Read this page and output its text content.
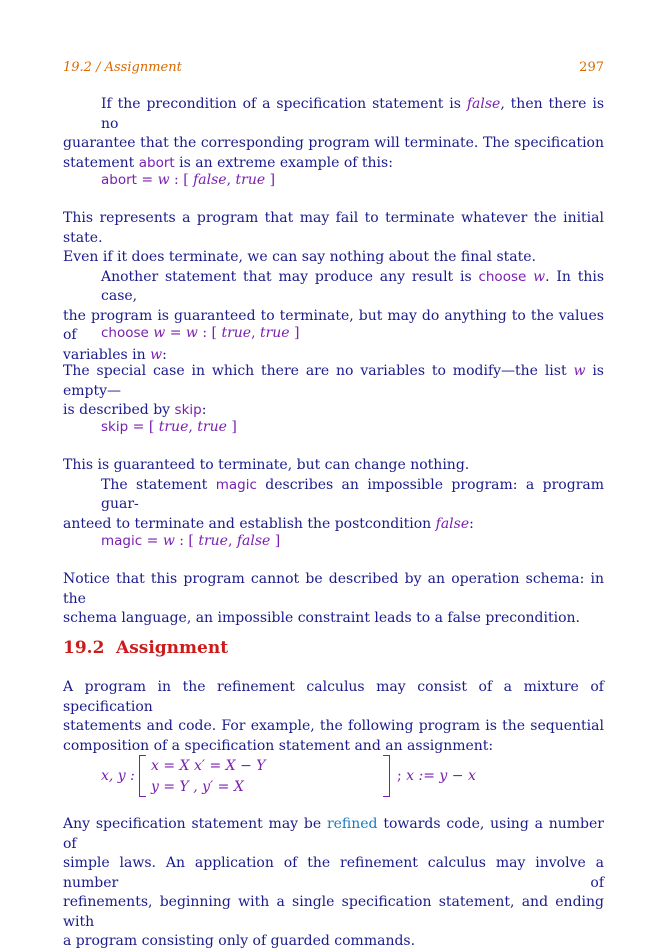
19.2 / Assignment	297
If the precondition of a specification statement is false, then there is no
guarantee that the corresponding program will terminate. The specification
statement abort is an extreme example of this:
abort = w : [ false, true ]
This represents a program that may fail to terminate whatever the initial state.
Even if it does terminate, we can say nothing about the final state.
Another statement that may produce any result is choose w. In this case,
the program is guaranteed to terminate, but may do anything to the values of
variables in w:
choose w = w : [ true, true ]
The special case in which there are no variables to modify—the list w is empty—
is described by skip:
skip = [ true, true ]
This is guaranteed to terminate, but can change nothing.
The statement magic describes an impossible program: a program guar-
anteed to terminate and establish the postcondition false:
magic = w : [ true, false ]
Notice that this program cannot be described by an operation schema: in the
schema language, an impossible constraint leads to a false precondition.
19.2 Assignment
A program in the refinement calculus may consist of a mixture of specification
statements and code. For example, the following program is the sequential
composition of a specification statement and an assignment:
x, y :
x = X x′ = X − Y
y = Y , y′ = X
; x := y − x
Any specification statement may be refined towards code, using a number of
simple laws. An application of the refinement calculus may involve a number of
refinements, beginning with a single specification statement, and ending with
a program consisting only of guarded commands.
